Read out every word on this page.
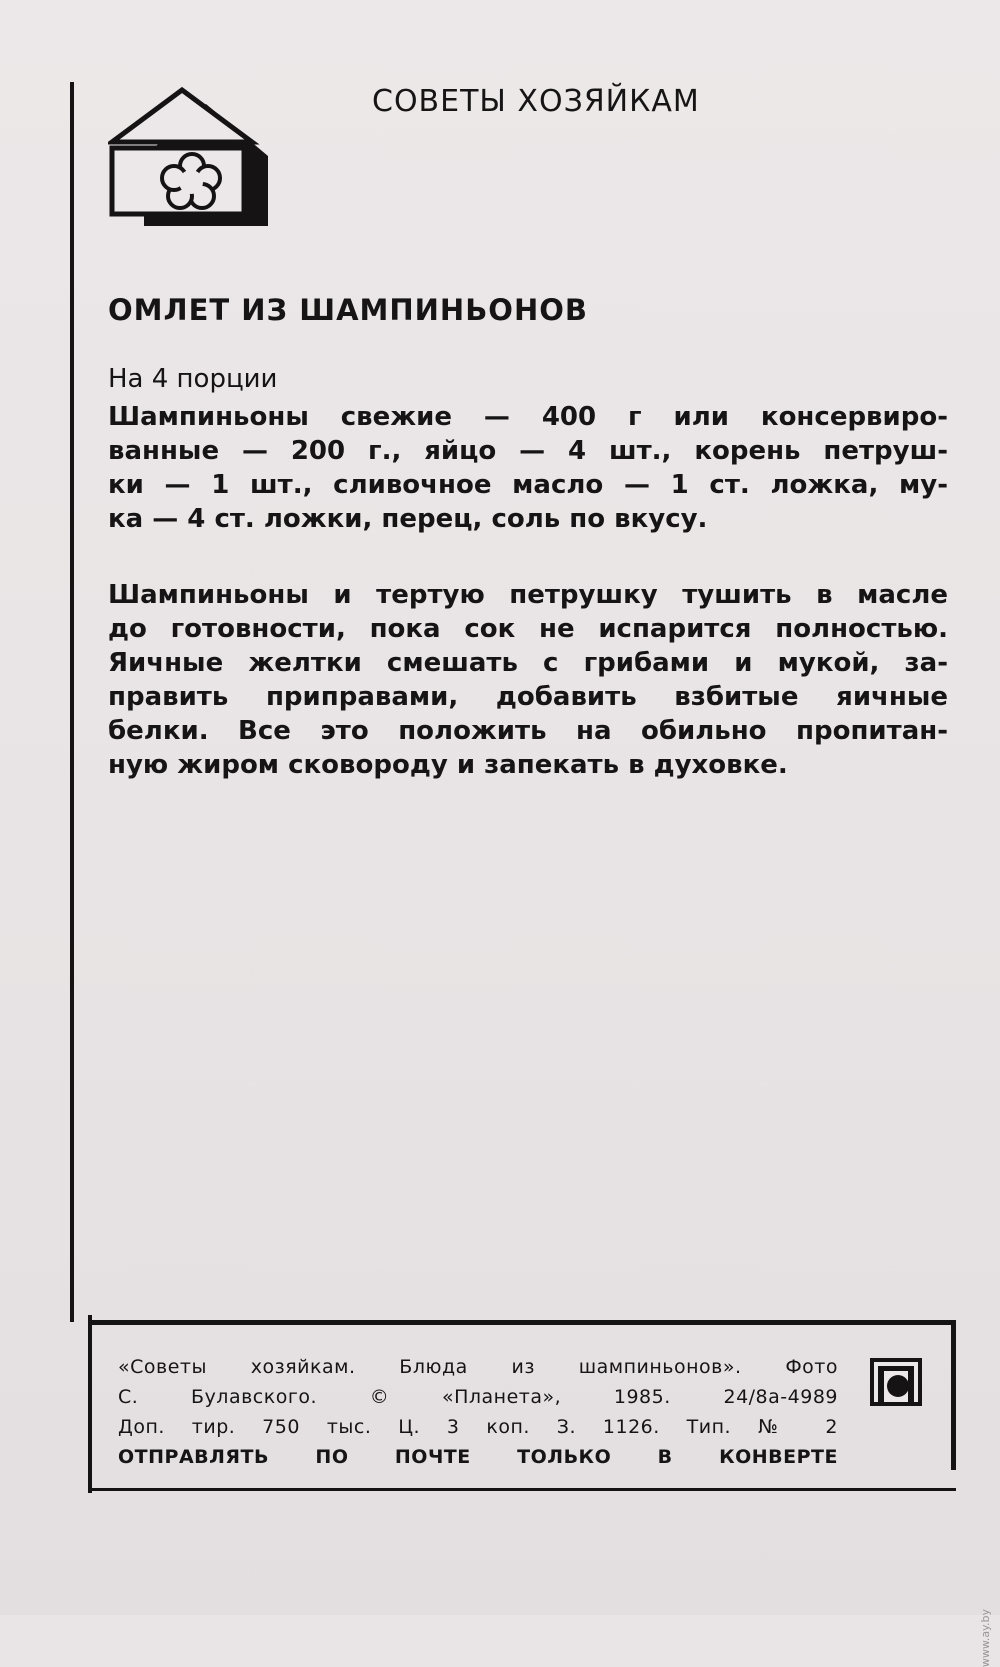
СОВЕТЫ ХОЗЯЙКАМ
ОМЛЕТ ИЗ ШАМПИНЬОНОВ
На 4 порции
Шампиньоны свежие — 400 г или консервиро-
ванные — 200 г., яйцо — 4 шт., корень петруш-
ки — 1 шт., сливочное масло — 1 ст. ложка, му-
ка — 4 ст. ложки, перец, соль по вкусу.
Шампиньоны и тертую петрушку тушить в масле
до готовности, пока сок не испарится полностью.
Яичные желтки смешать с грибами и мукой, за-
править приправами, добавить взбитые яичные
белки. Все это положить на обильно пропитан-
ную жиром сковороду и запекать в духовке.
«Советы хозяйкам. Блюда из шампиньонов». Фото
С. Булавского. © «Планета», 1985. 24/8а-4989
Доп. тир. 750 тыс. Ц. 3 коп. З. 1126. Тип. № 2
ОТПРАВЛЯТЬ ПО ПОЧТЕ ТОЛЬКО В КОНВЕРТЕ
www.ay.by
